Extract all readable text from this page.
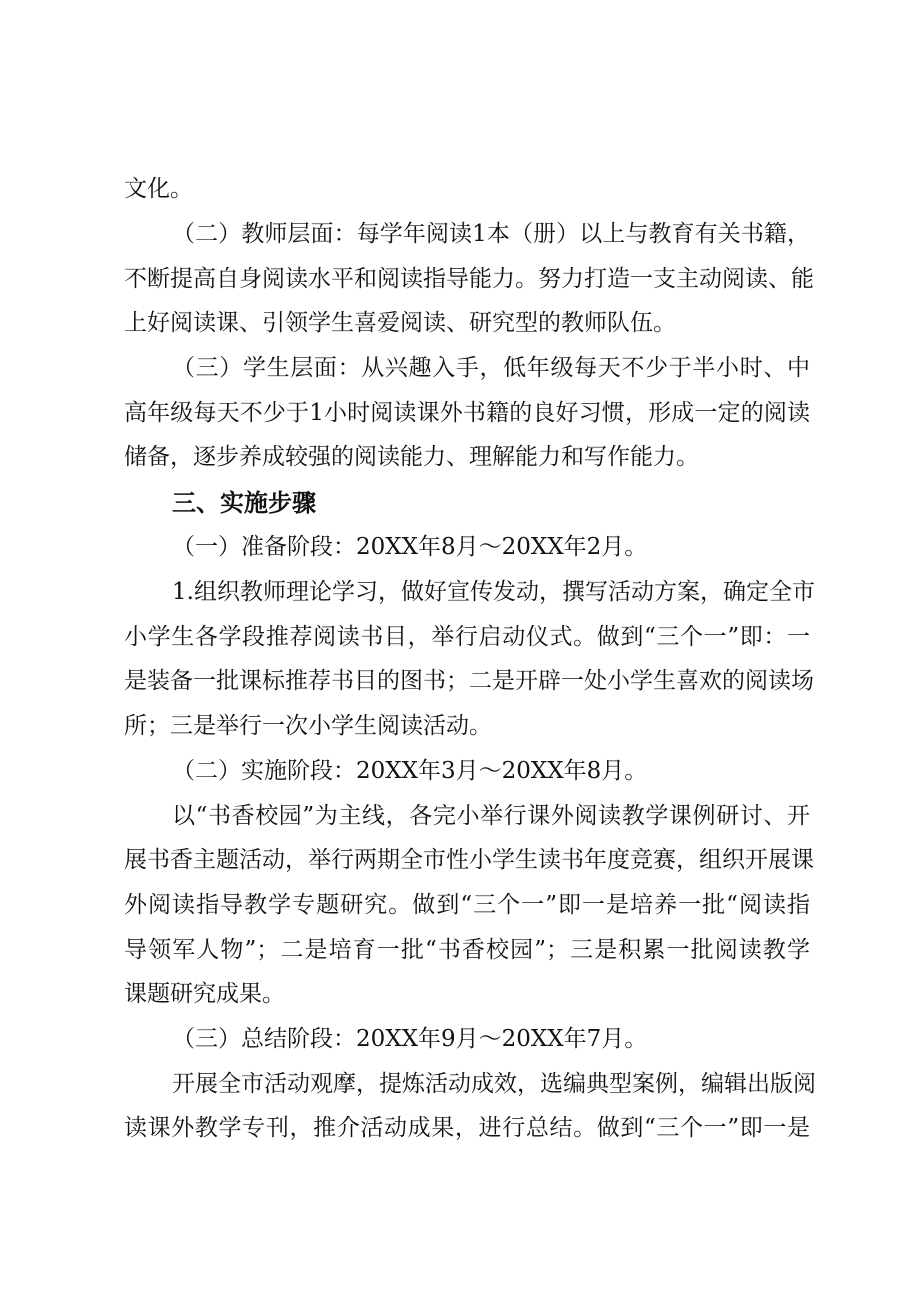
文化。
（二）教师层面：每学年阅读1本（册）以上与教育有关书籍，
不断提高自身阅读水平和阅读指导能力。努力打造一支主动阅读、能
上好阅读课、引领学生喜爱阅读、研究型的教师队伍。
（三）学生层面：从兴趣入手，低年级每天不少于半小时、中
高年级每天不少于1小时阅读课外书籍的良好习惯，形成一定的阅读
储备，逐步养成较强的阅读能力、理解能力和写作能力。
三、实施步骤
（一）准备阶段：20XX年8月～20XX年2月。
1.组织教师理论学习，做好宣传发动，撰写活动方案，确定全市
小学生各学段推荐阅读书目，举行启动仪式。做到“三个一”即：一
是装备一批课标推荐书目的图书；二是开辟一处小学生喜欢的阅读场
所；三是举行一次小学生阅读活动。
（二）实施阶段：20XX年3月～20XX年8月。
以“书香校园”为主线，各完小举行课外阅读教学课例研讨、开
展书香主题活动，举行两期全市性小学生读书年度竞赛，组织开展课
外阅读指导教学专题研究。做到“三个一”即一是培养一批“阅读指
导领军人物”；二是培育一批“书香校园”；三是积累一批阅读教学
课题研究成果。
（三）总结阶段：20XX年9月～20XX年7月。
开展全市活动观摩，提炼活动成效，选编典型案例，编辑出版阅
读课外教学专刊，推介活动成果，进行总结。做到“三个一”即一是
